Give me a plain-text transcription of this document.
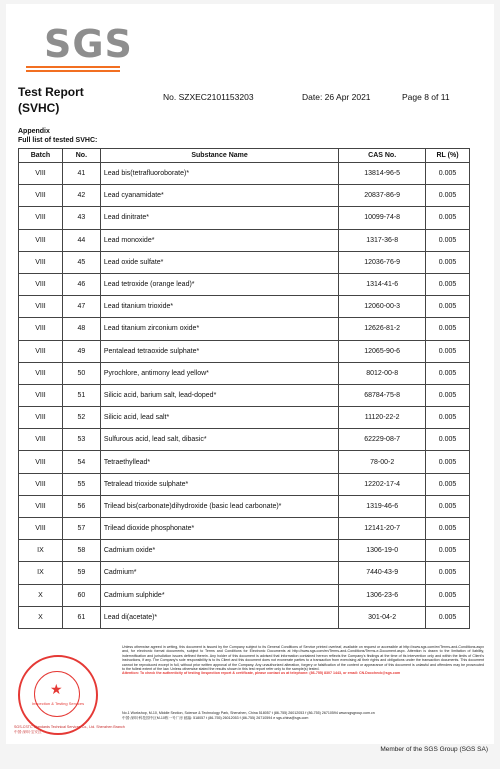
SGS
Test Report
(SVHC)
No. SZXEC2101153203	Date: 26 Apr 2021	Page 8 of 11
Appendix
Full list of tested SVHC:
Batch	No.	Substance Name	CAS No.	RL (%)
VIII	41	Lead bis(tetrafluoroborate)*	13814-96-5	0.005
VIII	42	Lead cyanamidate*	20837-86-9	0.005
VIII	43	Lead dinitrate*	10099-74-8	0.005
VIII	44	Lead monoxide*	1317-36-8	0.005
VIII	45	Lead oxide sulfate*	12036-76-9	0.005
VIII	46	Lead tetroxide (orange lead)*	1314-41-6	0.005
VIII	47	Lead titanium trioxide*	12060-00-3	0.005
VIII	48	Lead titanium zirconium oxide*	12626-81-2	0.005
VIII	49	Pentalead tetraoxide sulphate*	12065-90-6	0.005
VIII	50	Pyrochlore, antimony lead yellow*	8012-00-8	0.005
VIII	51	Silicic acid, barium salt, lead-doped*	68784-75-8	0.005
VIII	52	Silicic acid, lead salt*	11120-22-2	0.005
VIII	53	Sulfurous acid, lead salt, dibasic*	62229-08-7	0.005
VIII	54	Tetraethyllead*	78-00-2	0.005
VIII	55	Tetralead trioxide sulphate*	12202-17-4	0.005
VIII	56	Trilead bis(carbonate)dihydroxide (basic lead carbonate)*	1319-46-6	0.005
VIII	57	Trilead dioxide phosphonate*	12141-20-7	0.005
IX	58	Cadmium oxide*	1306-19-0	0.005
IX	59	Cadmium*	7440-43-9	0.005
X	60	Cadmium sulphide*	1306-23-6	0.005
X	61	Lead di(acetate)*	301-04-2	0.005
★
Inspection & Testing Services
SGS-CSTC Standards Technical Services Co., Ltd. Shenzhen Branch
中国·深圳·宝安区
Unless otherwise agreed in writing, this document is issued by the Company subject to its General Conditions of Service printed overleaf, available on request or accessible at http://www.sgs.com/en/Terms-and-Conditions.aspx and, for electronic format documents, subject to Terms and Conditions for Electronic Documents at http://www.sgs.com/en/Terms-and-Conditions/Terms-e-Document.aspx. Attention is drawn to the limitation of liability, indemnification and jurisdiction issues defined therein. Any holder of this document is advised that information contained hereon reflects the Company's findings at the time of its intervention only and within the limits of Client's instructions, if any. The Company's sole responsibility is to its Client and this document does not exonerate parties to a transaction from exercising all their rights and obligations under the transaction documents. This document cannot be reproduced except in full, without prior written approval of the Company. Any unauthorized alteration, forgery or falsification of the content or appearance of this document is unlawful and offenders may be prosecuted to the fullest extent of the law. Unless otherwise stated the results shown in this test report refer only to the sample(s) tested.
Attention: To check the authenticity of testing /inspection report & certificate, please contact us at telephone: (86-755) 8307 1443, or email: CN.Doccheck@sgs.com
No.1 Workshop, M-10, Middle Section, Science & Technology Park, Shenzhen, China 518057 t (86-755) 26012053 f (86-755) 26710594 www.sgsgroup.com.cn
中国·深圳·科技园中区M-10栋一号厂房 邮编: 518057 t (86-755) 26012053 f (86-755) 26710594 e sgs.china@sgs.com
Member of the SGS Group (SGS SA)
